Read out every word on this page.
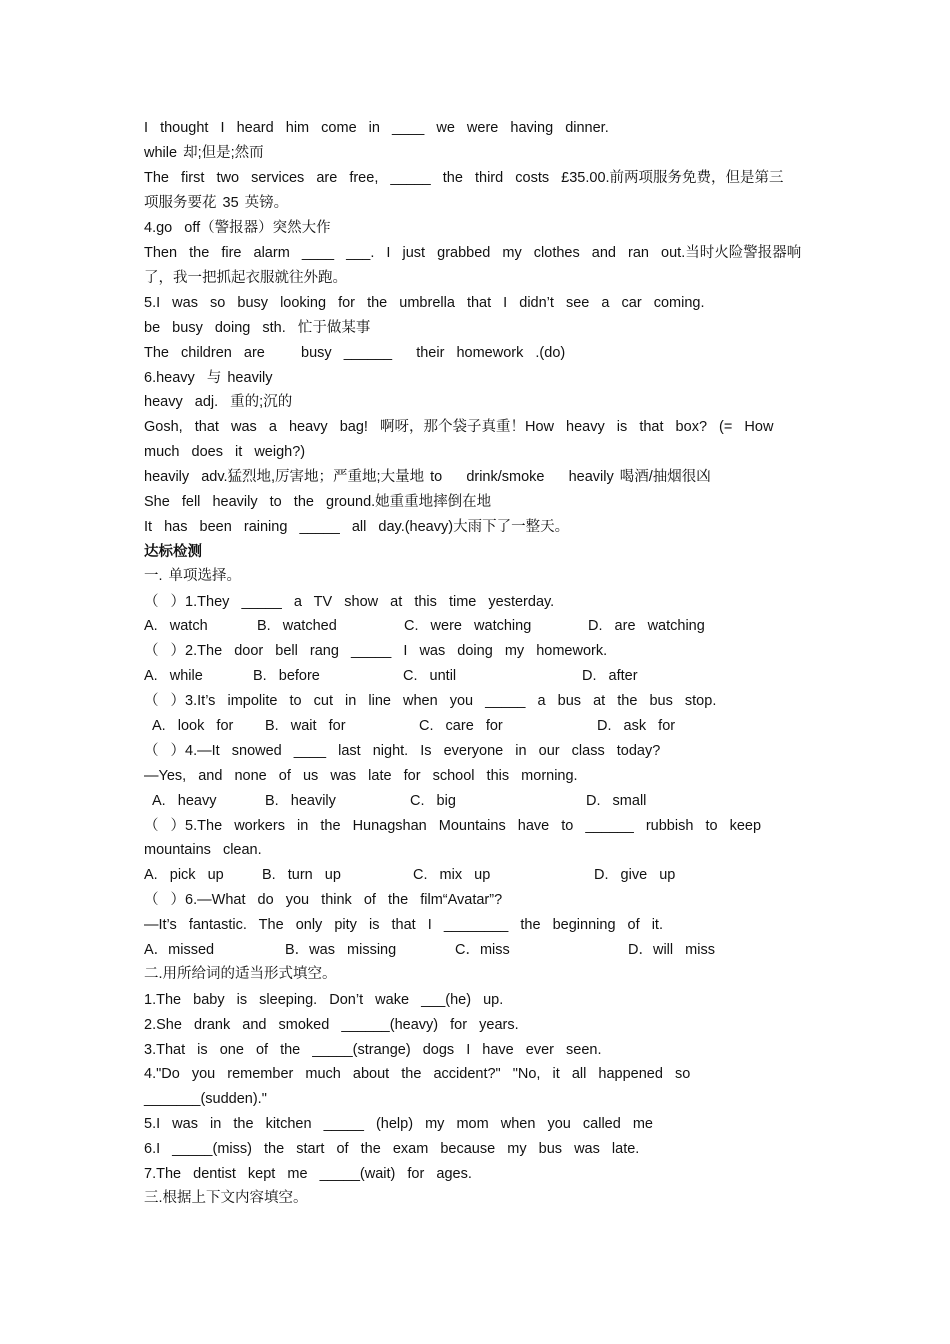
I  thought  I  heard  him  come  in  ____  we  were  having  dinner.
while 却;但是;然而
The  first  two  services  are  free,  _____  the  third  costs  £35.00.前两项服务免费，但是第三
项服务要花 35 英镑。
4.go  off（警报器）突然大作
Then  the  fire  alarm  ____  ___.  I  just  grabbed  my  clothes  and  ran  out.当时火险警报器响
了，我一把抓起衣服就往外跑。
5.I  was  so  busy  looking  for  the  umbrella  that  I  didn’t  see  a  car  coming.
be  busy  doing  sth.  忙于做某事
The  children  are      busy  ______    their  homework  .(do)
6.heavy  与 heavily
heavy  adj.  重的;沉的
Gosh,  that  was  a  heavy  bag!  啊呀，那个袋子真重！How  heavy  is  that  box?  (=  How
much  does  it  weigh?)
heavily  adv.猛烈地,厉害地；严重地;大量地 to    drink/smoke    heavily 喝酒/抽烟很凶
She  fell  heavily  to  the  ground.她重重地摔倒在地
It  has  been  raining  _____  all  day.(heavy)大雨下了一整天。
达标检测
一. 单项选择。
（  ）1.They  _____  a  TV  show  at  this  time  yesterday.

A.  watch

	B.  watched

	C.  were  watching

	D.  are  watching

（  ）2.The  door  bell  rang  _____  I  was  doing  my  homework.

A.  while

	B.  before

	C.  until

	D.  after

（  ）3.It’s  impolite  to  cut  in  line  when  you  _____  a  bus  at  the  bus  stop.

A.  look  for

B.  wait  for

	C.  care  for

	D.  ask  for

（  ）4.—It  snowed  ____  last  night.  Is  everyone  in  our  class  today?
—Yes,  and  none  of  us  was  late  for  school  this  morning.

A.  heavy

	B.  heavily

	C.  big

	D.  small

（  ）5.The  workers  in  the  Hunagshan  Mountains  have  to  ______  rubbish  to  keep
mountains  clean.

A.  pick  up

	B.  turn  up

	C.  mix  up

	D.  give  up

（  ）6.—What  do  you  think  of  the  film“Avatar”?
—It’s  fantastic.  The  only  pity  is  that  I  ________  the  beginning  of  it.

A．missed

	B．was  missing

	C．miss

	D．will  miss

二.用所给词的适当形式填空。
1.The  baby  is  sleeping.  Don’t  wake  ___(he)  up.
2.She  drank  and  smoked  ______(heavy)  for  years.
3.That  is  one  of  the  _____(strange)  dogs  I  have  ever  seen.
4."Do  you  remember  much  about  the  accident?"  "No,  it  all  happened  so
_______(sudden)."
5.I  was  in  the  kitchen  _____  (help)  my  mom  when  you  called  me
6.I  _____(miss)  the  start  of  the  exam  because  my  bus  was  late.
7.The  dentist  kept  me  _____(wait)  for  ages.
三.根据上下文内容填空。
